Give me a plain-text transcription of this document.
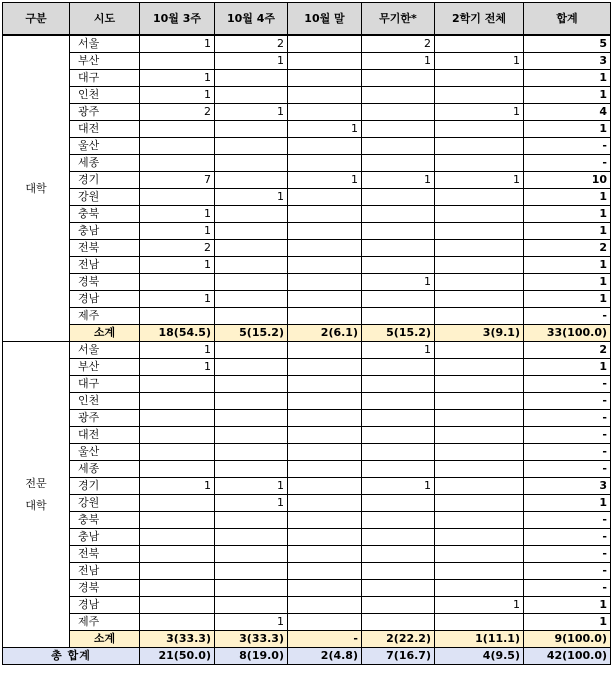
구분	시도	10월 3주	10월 4주	10월 말	무기한*	2학기 전체	합계
대학	서울	1	2		2		5
	부산		1		1	1	3
	대구	1					1
	인천	1					1
	광주	2	1			1	4
	대전			1			1
	울산						-
	세종						-
	경기	7		1	1	1	10
	강원		1				1
	충북	1					1
	충남	1					1
	전북	2					2
	전남	1					1
	경북				1		1
	경남	1					1
	제주						-
	소계	18(54.5)	5(15.2)	2(6.1)	5(15.2)	3(9.1)	33(100.0)
전문
대학	서울	1			1		2
	부산	1					1
	대구						-
	인천						-
	광주						-
	대전						-
	울산						-
	세종						-
	경기	1	1		1		3
	강원		1				1
	충북						-
	충남						-
	전북						-
	전남						-
	경북						-
	경남					1	1
	제주		1				1
	소계	3(33.3)	3(33.3)	-	2(22.2)	1(11.1)	9(100.0)
총 합계		21(50.0)	8(19.0)	2(4.8)	7(16.7)	4(9.5)	42(100.0)
